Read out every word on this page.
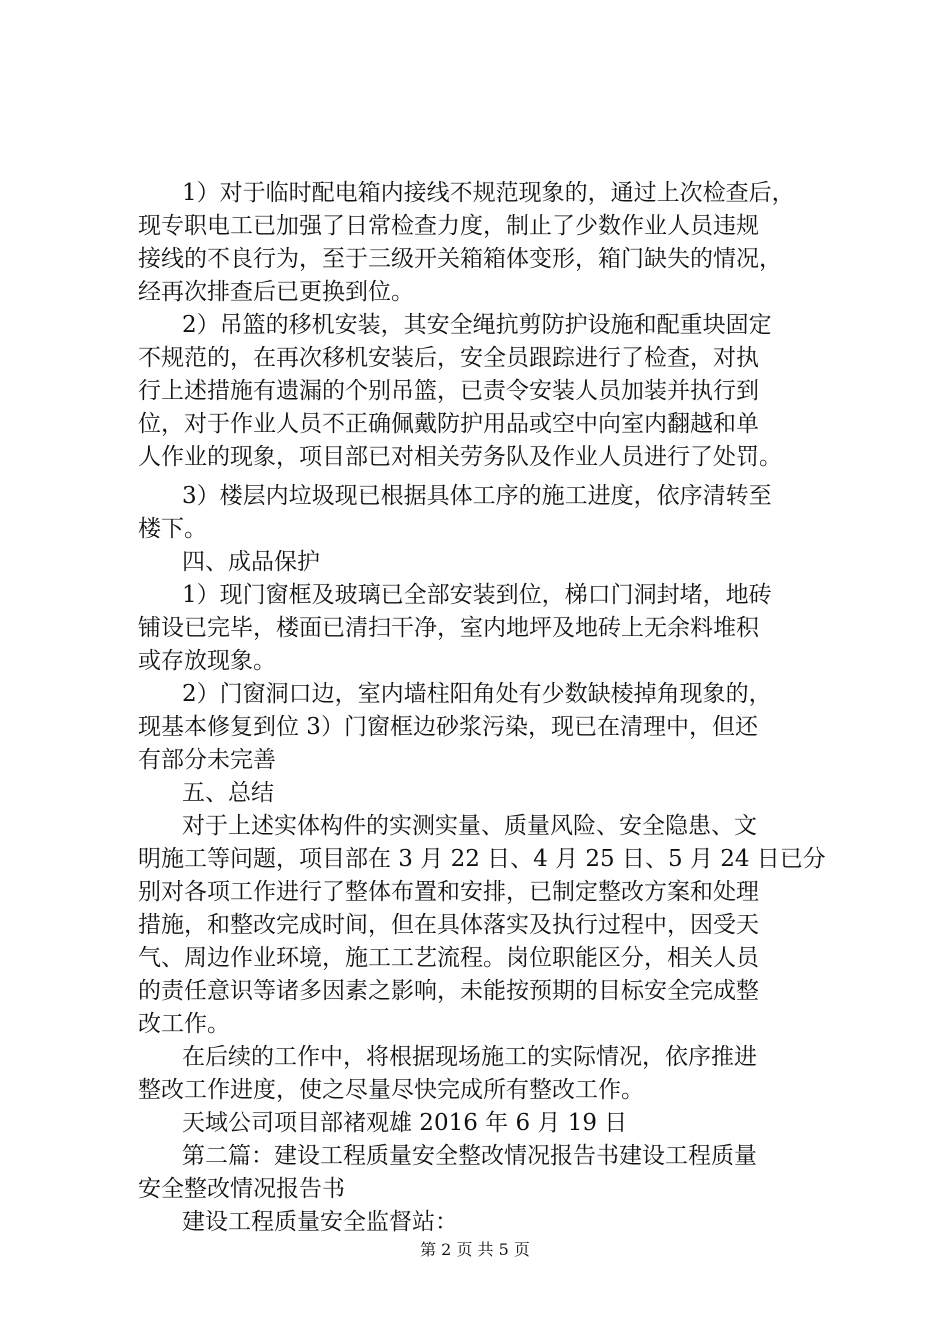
1）对于临时配电箱内接线不规范现象的，通过上次检查后，
现专职电工已加强了日常检查力度，制止了少数作业人员违规
接线的不良行为，至于三级开关箱箱体变形，箱门缺失的情况，
经再次排查后已更换到位。
2）吊篮的移机安装，其安全绳抗剪防护设施和配重块固定
不规范的，在再次移机安装后，安全员跟踪进行了检查，对执
行上述措施有遗漏的个别吊篮，已责令安装人员加装并执行到
位，对于作业人员不正确佩戴防护用品或空中向室内翻越和单
人作业的现象，项目部已对相关劳务队及作业人员进行了处罚。
3）楼层内垃圾现已根据具体工序的施工进度，依序清转至
楼下。
四、成品保护
1）现门窗框及玻璃已全部安装到位，梯口门洞封堵，地砖
铺设已完毕，楼面已清扫干净，室内地坪及地砖上无余料堆积
或存放现象。
2）门窗洞口边，室内墙柱阳角处有少数缺棱掉角现象的，
现基本修复到位 3）门窗框边砂浆污染，现已在清理中，但还
有部分未完善
五、总结
对于上述实体构件的实测实量、质量风险、安全隐患、文
明施工等问题，项目部在 3 月 22 日、4 月 25 日、5 月 24 日已分
别对各项工作进行了整体布置和安排，已制定整改方案和处理
措施，和整改完成时间，但在具体落实及执行过程中，因受天
气、周边作业环境，施工工艺流程。岗位职能区分，相关人员
的责任意识等诸多因素之影响，未能按预期的目标安全完成整
改工作。
在后续的工作中，将根据现场施工的实际情况，依序推进
整改工作进度，使之尽量尽快完成所有整改工作。
天域公司项目部褚观雄 2016 年 6 月 19 日
第二篇：建设工程质量安全整改情况报告书建设工程质量
安全整改情况报告书
建设工程质量安全监督站：
第 2 页 共 5 页
